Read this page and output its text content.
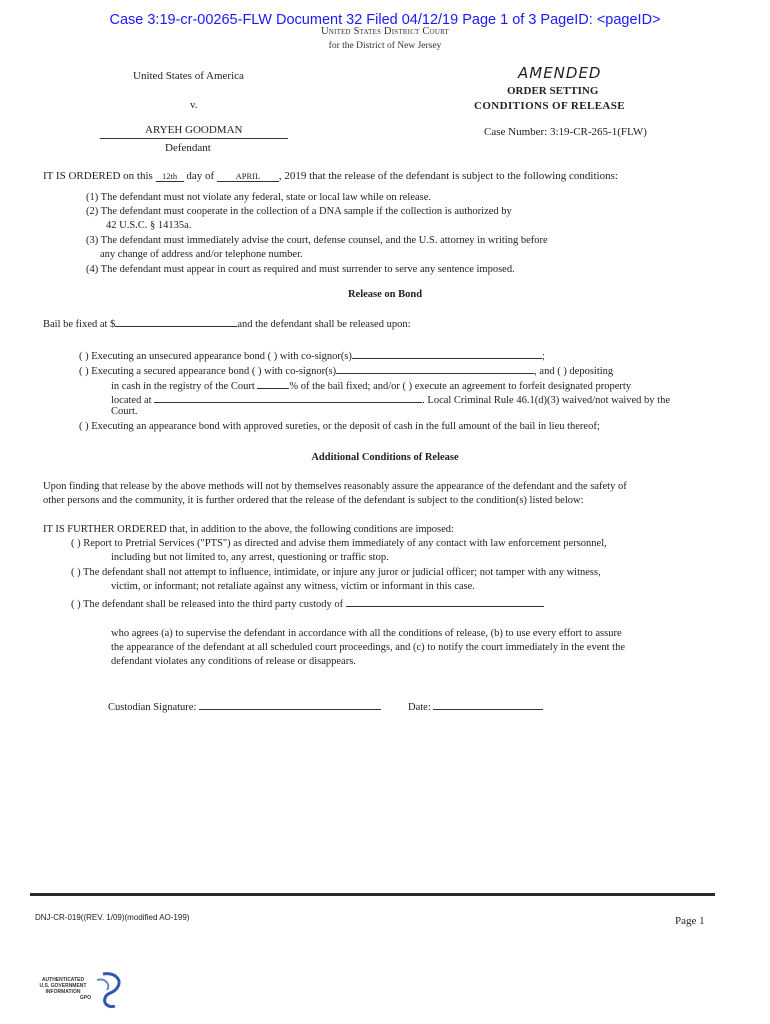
Case 3:19-cr-00265-FLW Document 32 Filed 04/12/19 Page 1 of 3 PageID: <pageID>
United States District Court
for the District of New Jersey
United States of America
v.
ARYEH GOODMAN
Defendant
AMENDED
ORDER SETTING
CONDITIONS OF RELEASE
Case Number: 3:19-CR-265-1(FLW)
IT IS ORDERED on this 12th day of	APRIL , 2019 that the release of the defendant is subject to the following conditions:
(1) The defendant must not violate any federal, state or local law while on release.
(2) The defendant must cooperate in the collection of a DNA sample if the collection is authorized by
42 U.S.C. § 14135a.
(3) The defendant must immediately advise the court, defense counsel, and the U.S. attorney in writing before
any change of address and/or telephone number.
(4) The defendant must appear in court as required and must surrender to serve any sentence imposed.
Release on Bond
Bail be fixed at $	and the defendant shall be released upon:
( ) Executing an unsecured appearance bond ( ) with co-signor(s)	;
( ) Executing a secured appearance bond ( ) with co-signor(s)	, and ( ) depositing
in cash in the registry of the Court	% of the bail fixed; and/or ( ) execute an agreement to forfeit designated property
located at	. Local Criminal Rule 46.1(d)(3) waived/not waived by the
Court.
( ) Executing an appearance bond with approved sureties, or the deposit of cash in the full amount of the bail in lieu thereof;
Additional Conditions of Release
Upon finding that release by the above methods will not by themselves reasonably assure the appearance of the defendant and the safety of
other persons and the community, it is further ordered that the release of the defendant is subject to the condition(s) listed below:
IT IS FURTHER ORDERED that, in addition to the above, the following conditions are imposed:
( ) Report to Pretrial Services ("PTS") as directed and advise them immediately of any contact with law enforcement personnel,
including but not limited to, any arrest, questioning or traffic stop.
( ) The defendant shall not attempt to influence, intimidate, or injure any juror or judicial officer; not tamper with any witness,
victim, or informant; not retaliate against any witness, victim or informant in this case.
( ) The defendant shall be released into the third party custody of
who agrees (a) to supervise the defendant in accordance with all the conditions of release, (b) to use every effort to assure
the appearance of the defendant at all scheduled court proceedings, and (c) to notify the court immediately in the event the
defendant violates any conditions of release or disappears.
Custodian Signature:	Date:
DNJ-CR-019((REV. 1/09)(modified AO-199)	Page 1
AUTHENTICATED
U.S. GOVERNMENT
INFORMATION
GPO
